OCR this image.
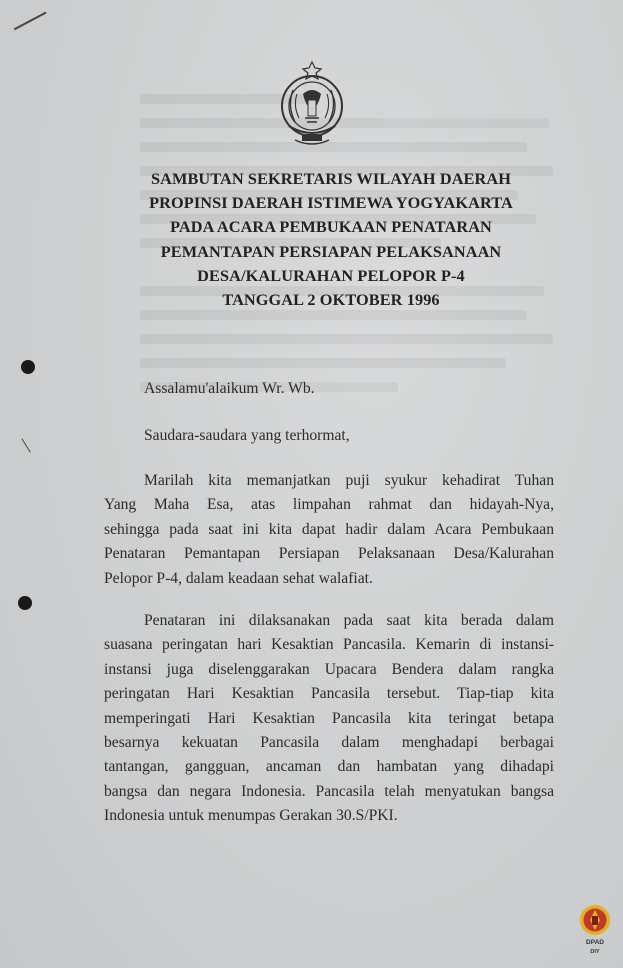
SAMBUTAN SEKRETARIS WILAYAH DAERAH
PROPINSI DAERAH ISTIMEWA YOGYAKARTA
PADA ACARA PEMBUKAAN PENATARAN
PEMANTAPAN PERSIAPAN PELAKSANAAN
DESA/KALURAHAN PELOPOR P-4
TANGGAL 2 OKTOBER 1996
Assalamu'alaikum Wr. Wb.
Saudara-saudara yang terhormat,
Marilah kita memanjatkan puji syukur kehadirat Tuhan
Yang Maha Esa, atas limpahan rahmat dan hidayah-Nya,
sehingga pada saat ini kita dapat hadir dalam Acara Pembukaan
Penataran Pemantapan Persiapan Pelaksanaan Desa/Kalurahan
Pelopor P-4, dalam keadaan sehat walafiat.
Penataran ini dilaksanakan pada saat kita berada dalam
suasana peringatan hari Kesaktian Pancasila. Kemarin di instansi-
instansi juga diselenggarakan Upacara Bendera dalam rangka
peringatan Hari Kesaktian Pancasila tersebut. Tiap-tiap kita
memperingati Hari Kesaktian Pancasila kita teringat betapa
besarnya kekuatan Pancasila dalam menghadapi berbagai
tantangan, gangguan, ancaman dan hambatan yang dihadapi
bangsa dan negara Indonesia. Pancasila telah menyatukan bangsa
Indonesia untuk menumpas Gerakan 30.S/PKI.
DPAD
DIY
